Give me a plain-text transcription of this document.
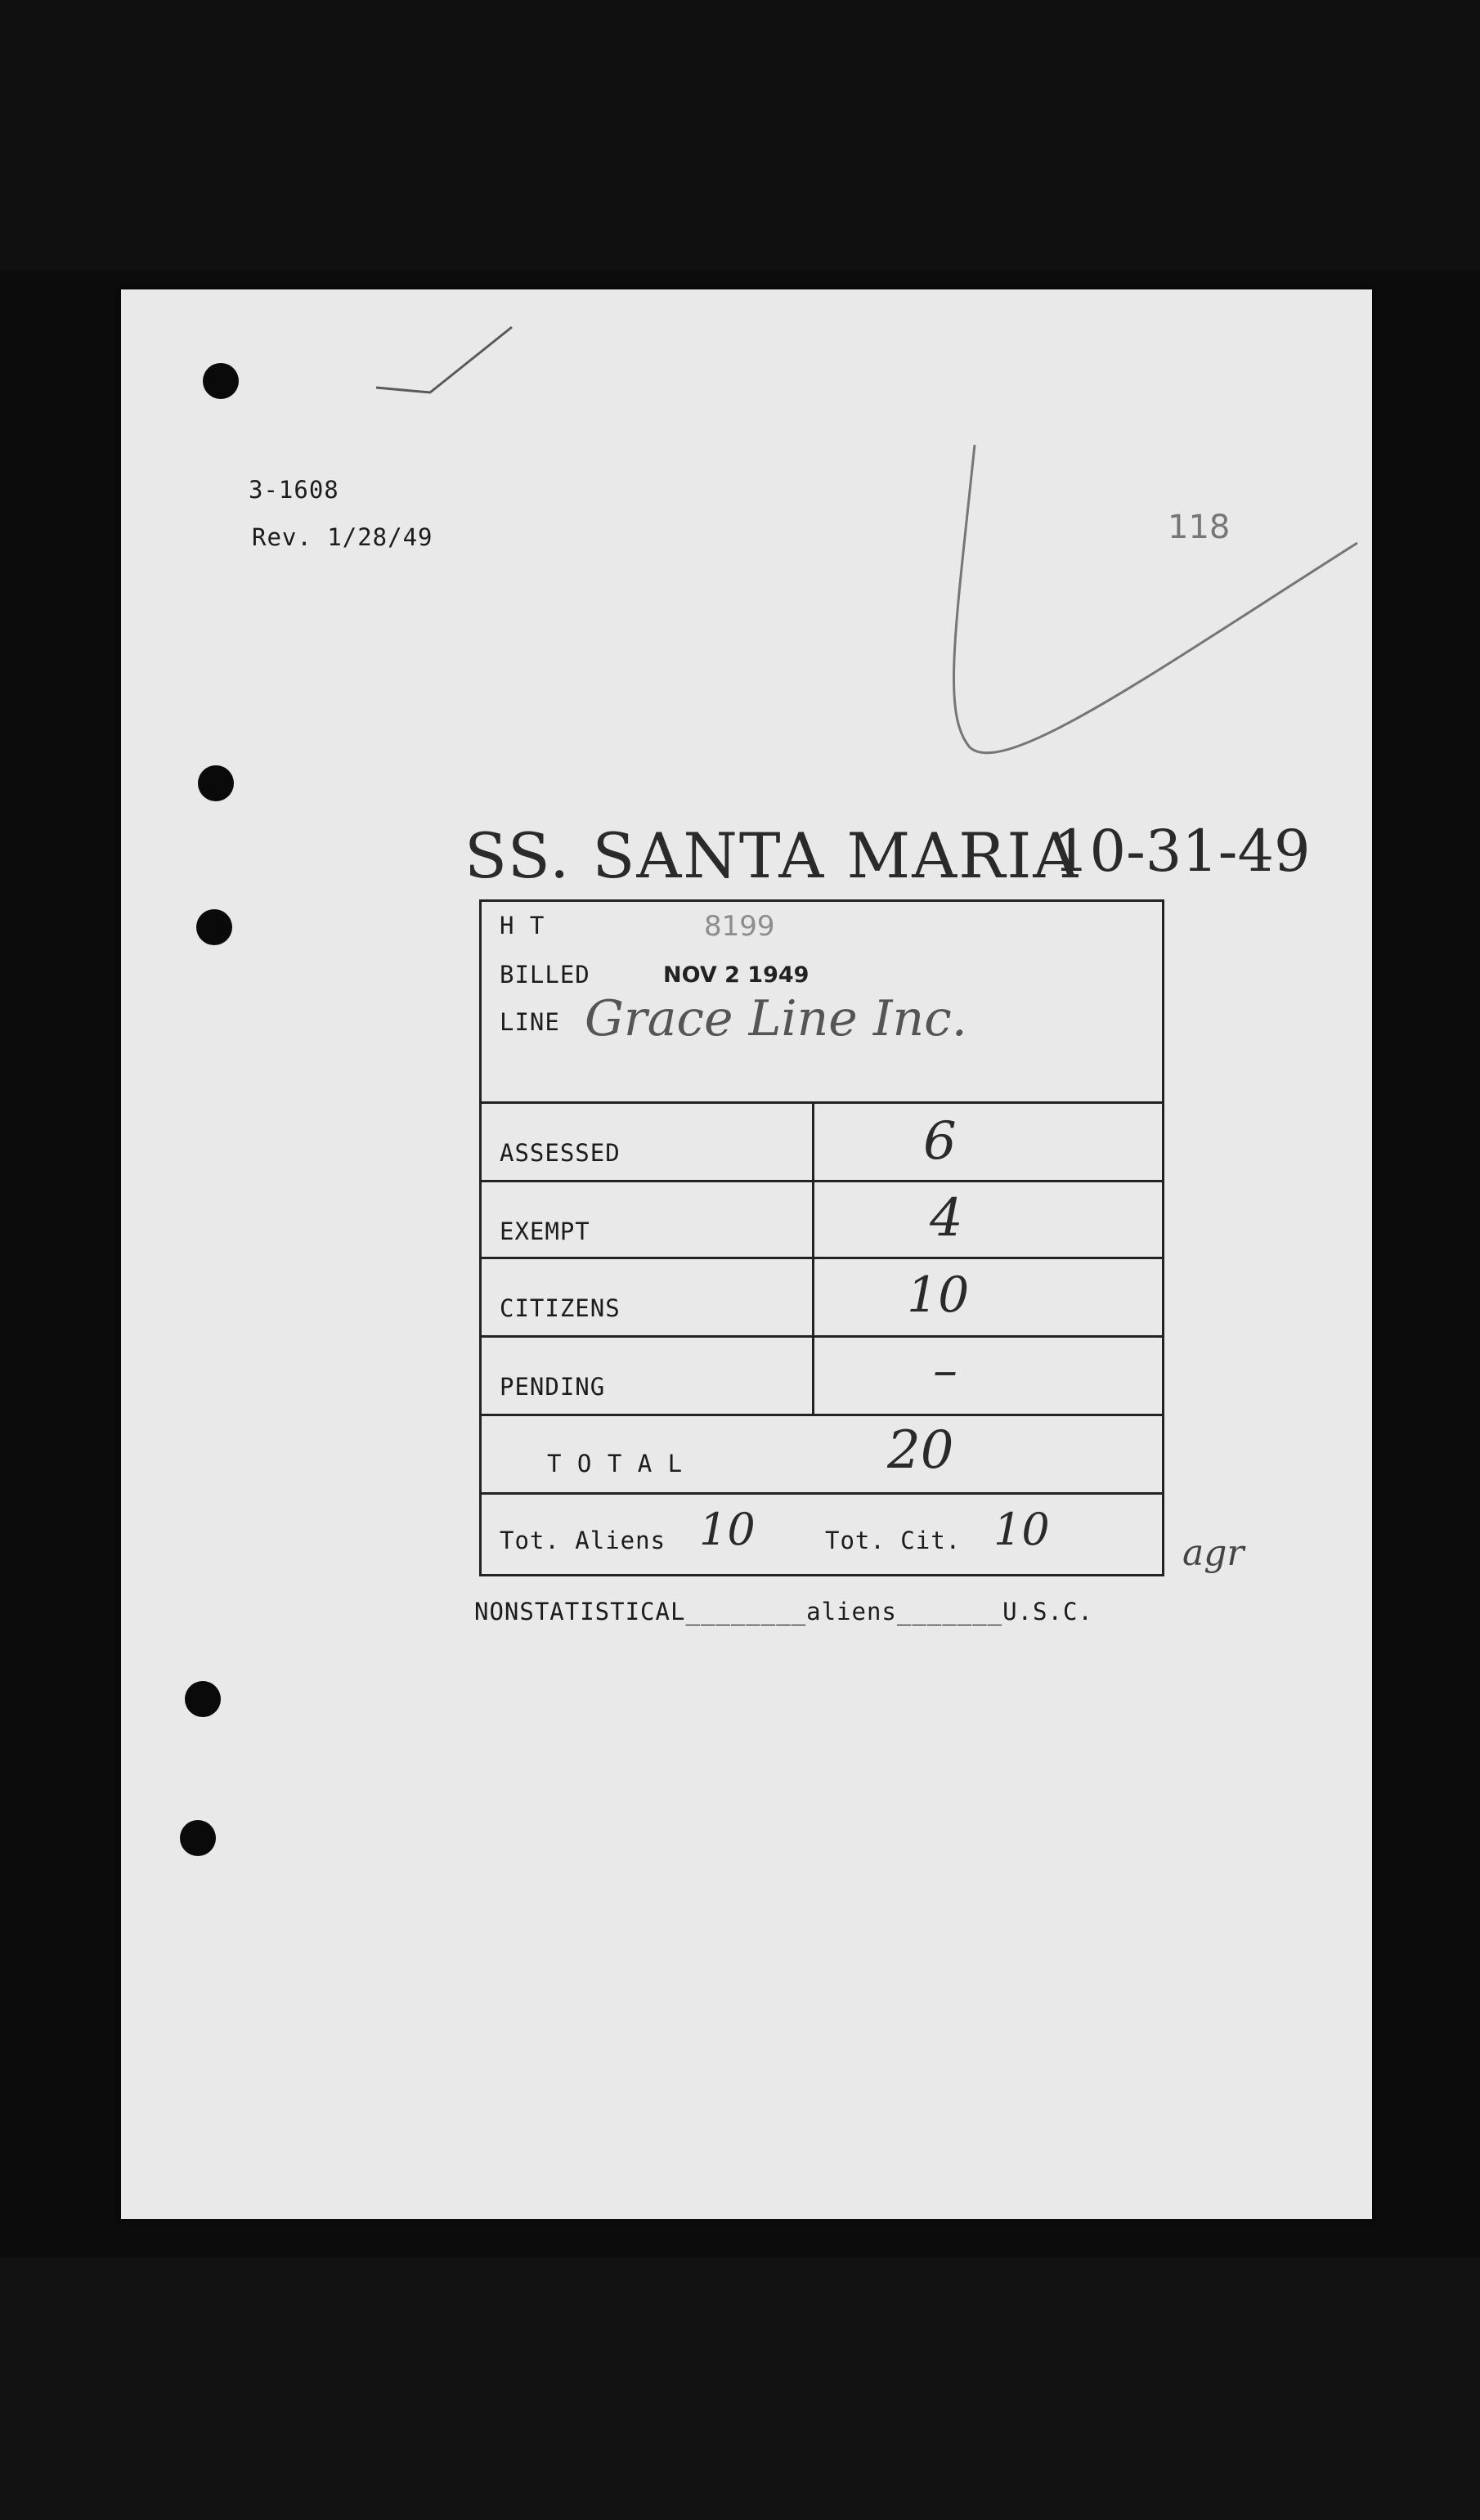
3-1608
Rev. 1/28/49	118
SS. SANTA MARIA
10-31-49
H T	8199
BILLED	NOV 2 1949
LINE Grace Line Inc.
ASSESSED	6
EXEMPT	4
CITIZENS	10
PENDING	–
T O T A L	20
Tot. Aliens 10	Tot. Cit. 10	agr
NONSTATISTICAL________aliens_______U.S.C.
